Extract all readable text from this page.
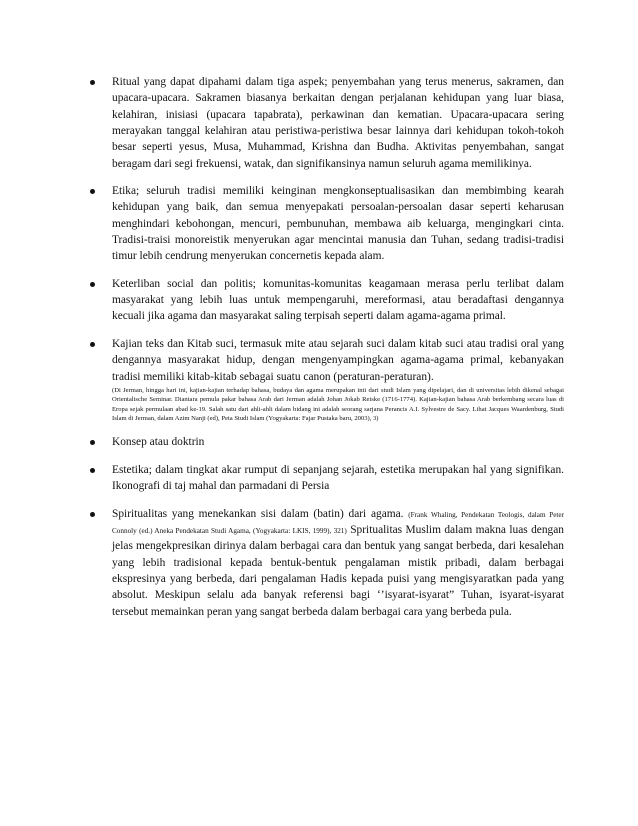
Ritual yang dapat dipahami dalam tiga aspek; penyembahan yang terus menerus, sakramen, dan upacara-upacara. Sakramen biasanya berkaitan dengan perjalanan kehidupan yang luar biasa, kelahiran, inisiasi (upacara tapabrata), perkawinan dan kematian. Upacara-upacara sering merayakan tanggal kelahiran atau peristiwa-peristiwa besar lainnya dari kehidupan tokoh-tokoh besar seperti yesus, Musa, Muhammad, Krishna dan Budha. Aktivitas penyembahan, sangat beragam dari segi frekuensi, watak, dan signifikansinya namun seluruh agama memilikinya.

Etika; seluruh tradisi memiliki keinginan mengkonseptualisasikan dan membimbing kearah kehidupan yang baik, dan semua menyepakati persoalan-persoalan dasar seperti keharusan menghindari kebohongan, mencuri, pembunuhan, membawa aib keluarga, mengingkari cinta. Tradisi-traisi monoreistik menyerukan agar mencintai manusia dan Tuhan, sedang tradisi-tradisi timur lebih cendrung menyerukan concernetis kepada alam.

Keterliban social dan politis; komunitas-komunitas keagamaan merasa perlu terlibat dalam masyarakat yang lebih luas untuk mempengaruhi, mereformasi, atau beradaftasi dengannya kecuali jika agama dan masyarakat saling terpisah seperti dalam agama-agama primal.

Kajian teks dan Kitab suci, termasuk mite atau sejarah suci dalam kitab suci atau tradisi oral yang dengannya masyarakat hidup, dengan mengenyampingkan agama-agama primal, kebanyakan tradisi memiliki kitab-kitab sebagai suatu canon (peraturan-peraturan).
(Di Jerman, hingga hari ini, kajian-kajian terhadap bahasa, budaya dan agama merupakan inti dari studi Islam yang dipelajari, dan di universitas lebih dikenal sebagai Orientalische Seminar. Diantara pemula pakar bahasa Arab dari Jerman adalah Johan Jokab Reiske (1716-1774). Kajian-kajian bahasa Arab berkembang secara luas di Eropa sejak permulaan abad ke-19. Salah satu dari ahli-ahli dalam bidang ini adalah seorang sarjana Perancis A.I. Sylvestre de Sacy. Lihat Jacques Waardenburg, Studi Islam di Jerman, dalam Azim Nanji (ed), Peta Studi Islam (Yogyakarta: Fajar Pustaka baru, 2003), 3)

Konsep atau doktrin

Estetika; dalam tingkat akar rumput di sepanjang sejarah, estetika merupakan hal yang signifikan. Ikonografi di taj mahal dan parmadani di Persia

Spiritualitas yang menekankan sisi dalam (batin) dari agama. (Frank Whaling, Pendekatan Teologis, dalam Peter Connoly (ed.) Aneka Pendekatan Studi Agama, (Yogyakarta: LKIS, 1999), 321) Spritualitas Muslim dalam makna luas dengan jelas mengekpresikan dirinya dalam berbagai cara dan bentuk yang sangat berbeda, dari kesalehan yang lebih tradisional kepada bentuk-bentuk pengalaman mistik pribadi, dalam berbagai ekspresinya yang berbeda, dari pengalaman Hadis kepada puisi yang mengisyaratkan pada yang absolut. Meskipun selalu ada banyak referensi bagi ‘’isyarat-isyarat” Tuhan, isyarat-isyarat tersebut memainkan peran yang sangat berbeda dalam berbagai cara yang berbeda pula.
